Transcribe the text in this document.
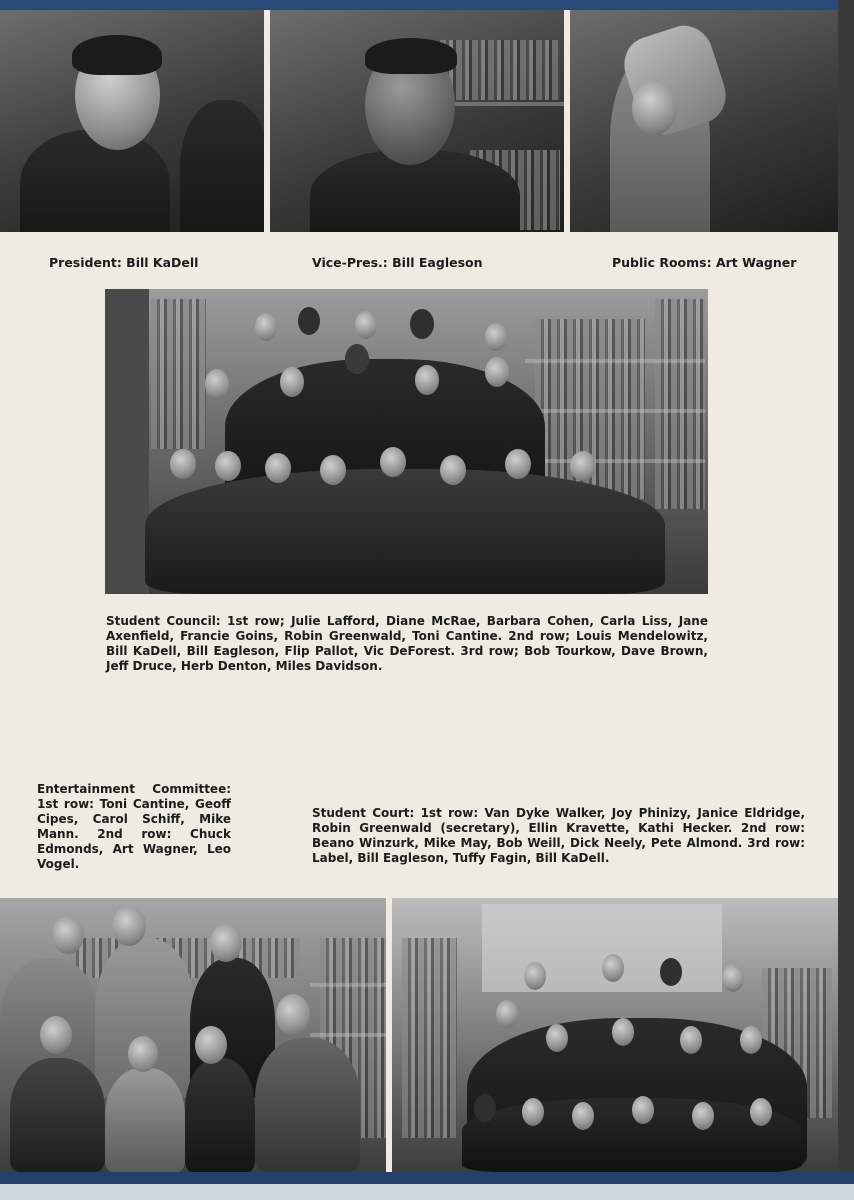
President: Bill KaDell	Vice-Pres.: Bill Eagleson	Public Rooms: Art Wagner
Student Council: 1st row; Julie Lafford, Diane McRae, Barbara Cohen, Carla Liss, Jane Axenfield, Francie Goins, Robin Greenwald, Toni Cantine. 2nd row; Louis Mendelowitz, Bill KaDell, Bill Eagleson, Flip Pallot, Vic DeForest. 3rd row; Bob Tourkow, Dave Brown, Jeff Druce, Herb Denton, Miles Davidson.
Entertainment Committee: 1st row: Toni Cantine, Geoff Cipes, Carol Schiff, Mike Mann. 2nd row: Chuck Edmonds, Art Wagner, Leo Vogel.
Student Court: 1st row: Van Dyke Walker, Joy Phinizy, Janice Eldridge, Robin Greenwald (secretary), Ellin Kravette, Kathi Hecker. 2nd row: Beano Winzurk, Mike May, Bob Weill, Dick Neely, Pete Almond. 3rd row: Label, Bill Eagleson, Tuffy Fagin, Bill KaDell.
